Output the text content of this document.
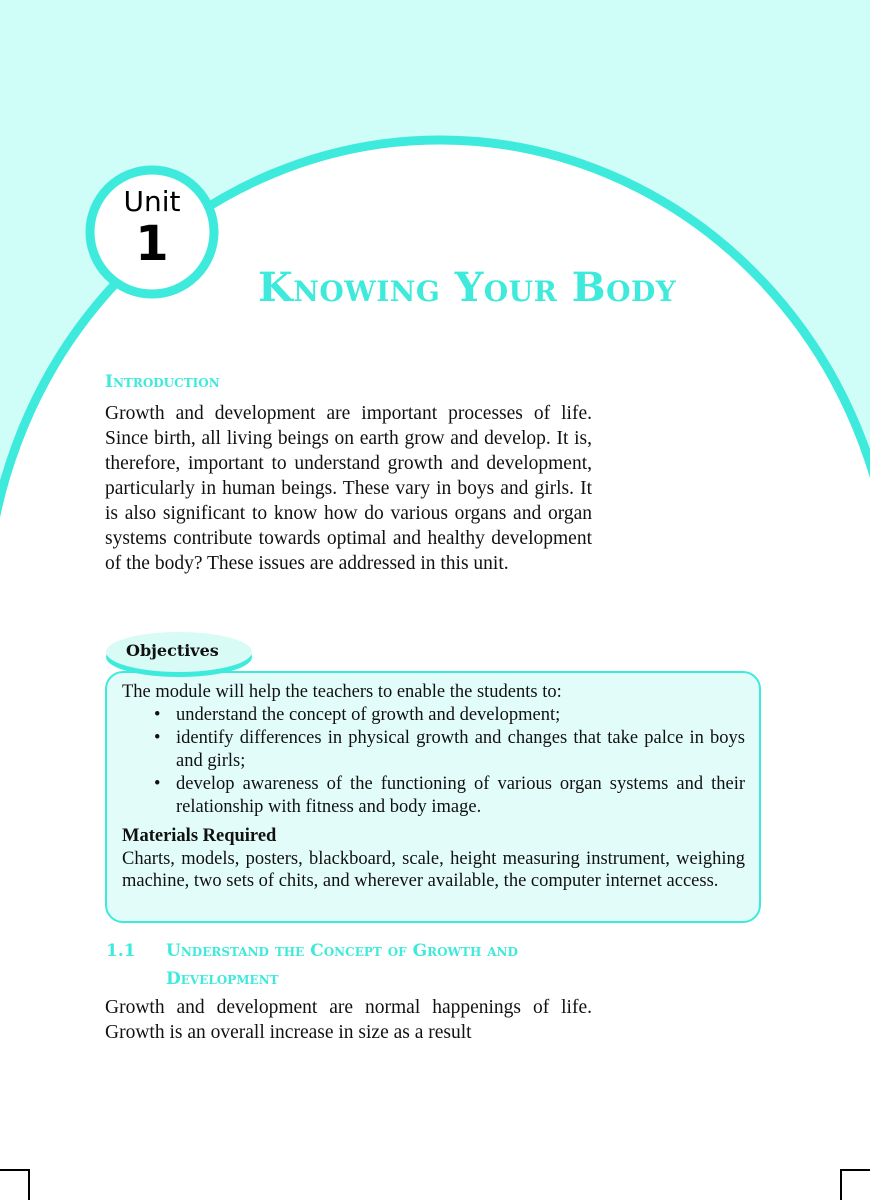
Unit
1
Knowing Your Body
Introduction
Growth and development are important processes of life. Since birth, all living beings on earth grow and develop. It is, therefore, important to understand growth and development, particularly in human beings. These vary in boys and girls. It is also significant to know how do various organs and organ systems contribute towards optimal and healthy development of the body? These issues are addressed in this unit.
The module will help the teachers to enable the students to:
• understand the concept of growth and development;
• identify differences in physical growth and changes that take palce in boys and girls;
• develop awareness of the functioning of various organ systems and their relationship with fitness and body image.
Materials Required
Charts, models, posters, blackboard, scale, height measuring instrument, weighing machine, two sets of chits, and wherever available, the computer internet access.
Objectives
1.1 Understand the Concept of Growth and Development
Growth and development are normal happenings of life. Growth is an overall increase in size as a result
